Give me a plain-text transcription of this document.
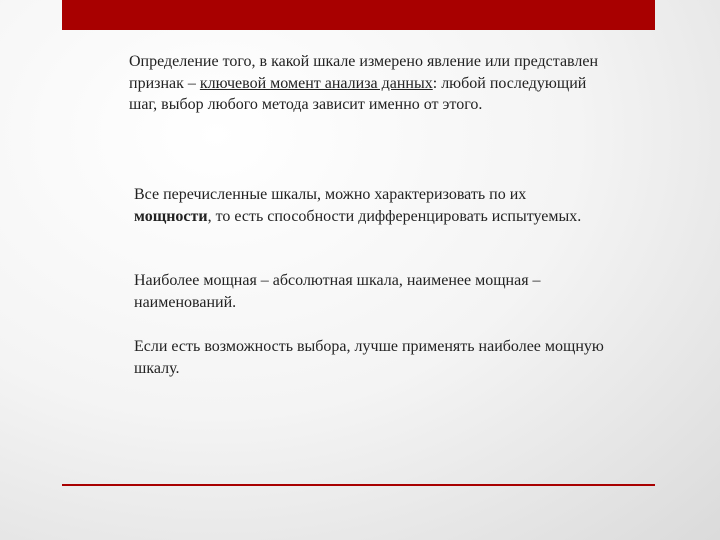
Определение того, в какой шкале измерено явление или представлен признак – ключевой момент анализа данных: любой последующий шаг, выбор любого метода зависит именно от этого.

Все перечисленные шкалы, можно характеризовать по их мощности, то есть способности дифференцировать испытуемых.

Наиболее мощная – абсолютная шкала, наименее мощная – наименований.

Если есть возможность выбора, лучше применять наиболее мощную шкалу.
